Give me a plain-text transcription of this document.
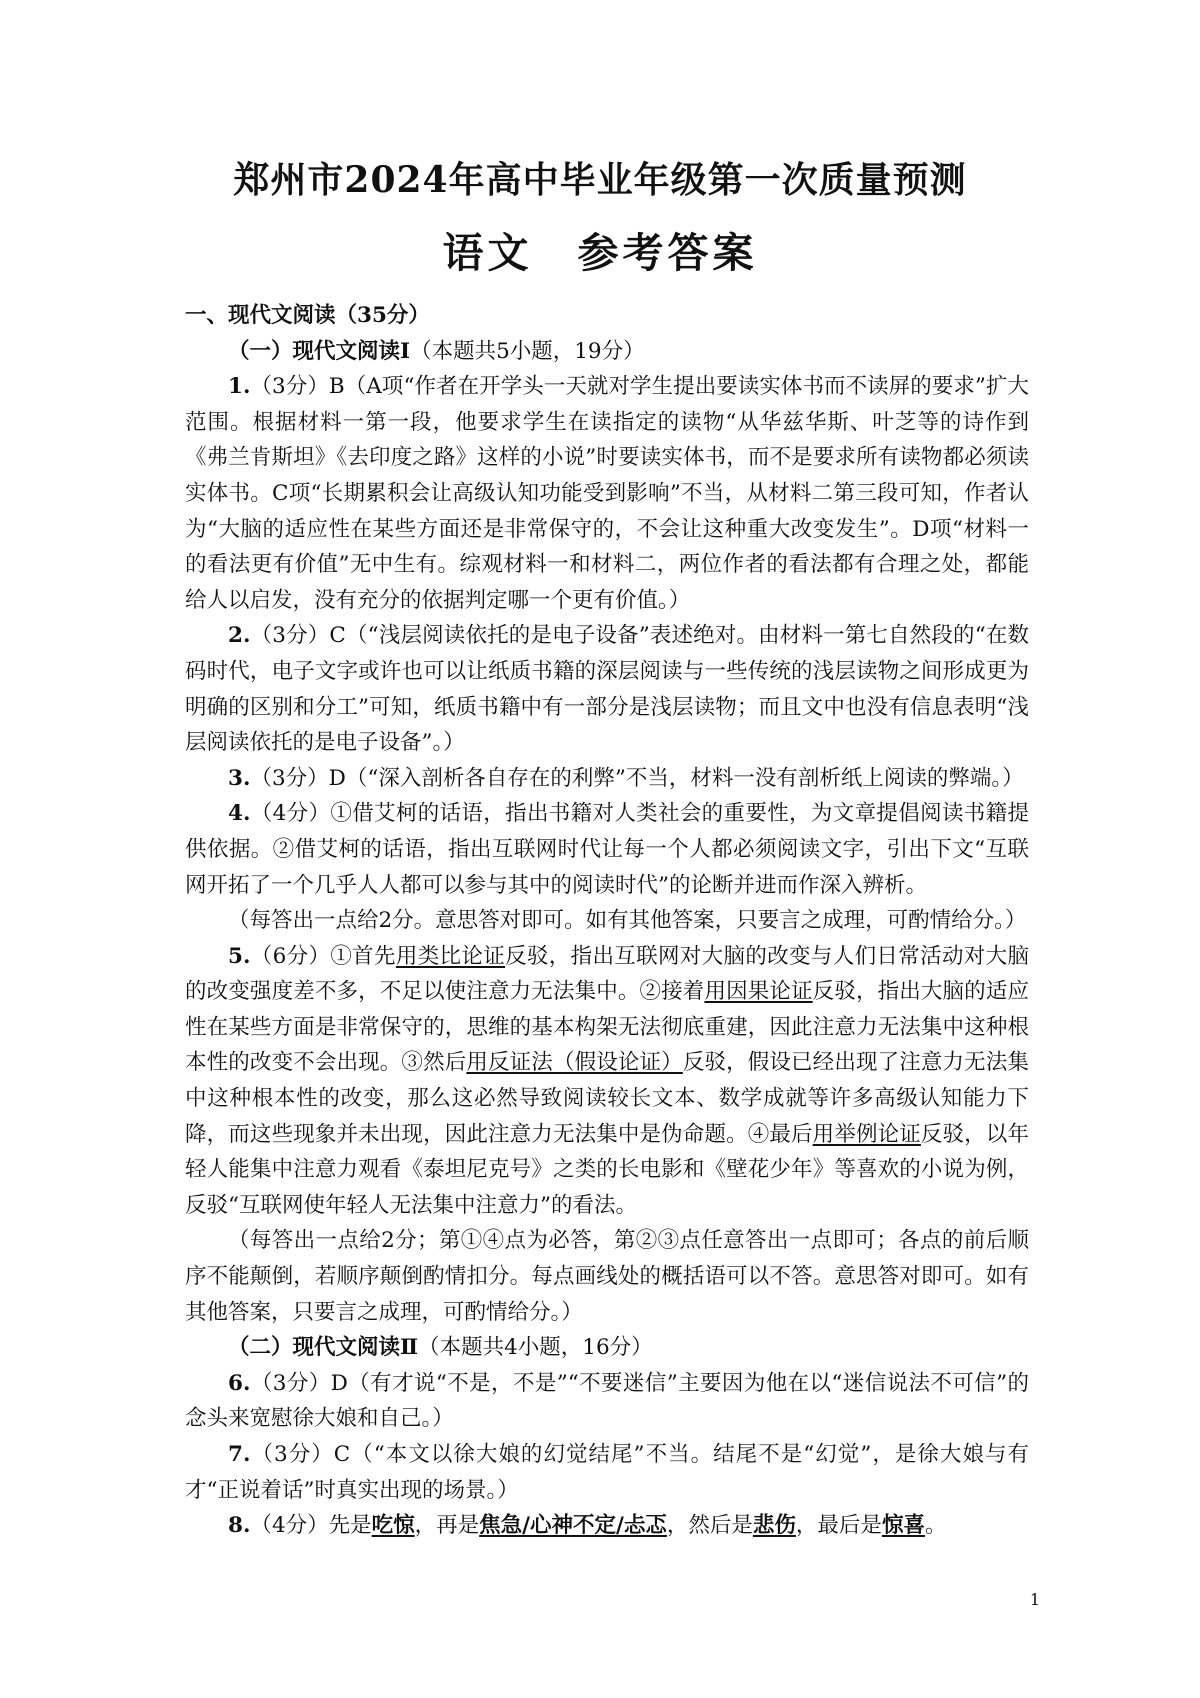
郑州市2024年高中毕业年级第一次质量预测
语文　参考答案

一、现代文阅读（35分）

（一）现代文阅读Ⅰ（本题共5小题，19分）

1.（3分）B（A项“作者在开学头一天就对学生提出要读实体书而不读屏的要求”扩大范围。根据材料一第一段，他要求学生在读指定的读物“从华兹华斯、叶芝等的诗作到《弗兰肯斯坦》《去印度之路》这样的小说”时要读实体书，而不是要求所有读物都必须读实体书。C项“长期累积会让高级认知功能受到影响”不当，从材料二第三段可知，作者认为“大脑的适应性在某些方面还是非常保守的，不会让这种重大改变发生”。D项“材料一的看法更有价值”无中生有。综观材料一和材料二，两位作者的看法都有合理之处，都能给人以启发，没有充分的依据判定哪一个更有价值。）

2.（3分）C（“浅层阅读依托的是电子设备”表述绝对。由材料一第七自然段的“在数码时代，电子文字或许也可以让纸质书籍的深层阅读与一些传统的浅层读物之间形成更为明确的区别和分工”可知，纸质书籍中有一部分是浅层读物；而且文中也没有信息表明“浅层阅读依托的是电子设备”。）

3.（3分）D（“深入剖析各自存在的利弊”不当，材料一没有剖析纸上阅读的弊端。）

4.（4分）①借艾柯的话语，指出书籍对人类社会的重要性，为文章提倡阅读书籍提供依据。②借艾柯的话语，指出互联网时代让每一个人都必须阅读文字，引出下文“互联网开拓了一个几乎人人都可以参与其中的阅读时代”的论断并进而作深入辨析。

（每答出一点给2分。意思答对即可。如有其他答案，只要言之成理，可酌情给分。）

5.（6分）①首先用类比论证反驳，指出互联网对大脑的改变与人们日常活动对大脑的改变强度差不多，不足以使注意力无法集中。②接着用因果论证反驳，指出大脑的适应性在某些方面是非常保守的，思维的基本构架无法彻底重建，因此注意力无法集中这种根本性的改变不会出现。③然后用反证法（假设论证）反驳，假设已经出现了注意力无法集中这种根本性的改变，那么这必然导致阅读较长文本、数学成就等许多高级认知能力下降，而这些现象并未出现，因此注意力无法集中是伪命题。④最后用举例论证反驳，以年轻人能集中注意力观看《泰坦尼克号》之类的长电影和《壁花少年》等喜欢的小说为例，反驳“互联网使年轻人无法集中注意力”的看法。

（每答出一点给2分；第①④点为必答，第②③点任意答出一点即可；各点的前后顺序不能颠倒，若顺序颠倒酌情扣分。每点画线处的概括语可以不答。意思答对即可。如有其他答案，只要言之成理，可酌情给分。）

（二）现代文阅读Ⅱ（本题共4小题，16分）

6.（3分）D（有才说“不是，不是”“不要迷信”主要因为他在以“迷信说法不可信”的念头来宽慰徐大娘和自己。）

7.（3分）C（“本文以徐大娘的幻觉结尾”不当。结尾不是“幻觉”，是徐大娘与有才“正说着话”时真实出现的场景。）

8.（4分）先是吃惊，再是焦急/心神不定/忐忑，然后是悲伤，最后是惊喜。

1
